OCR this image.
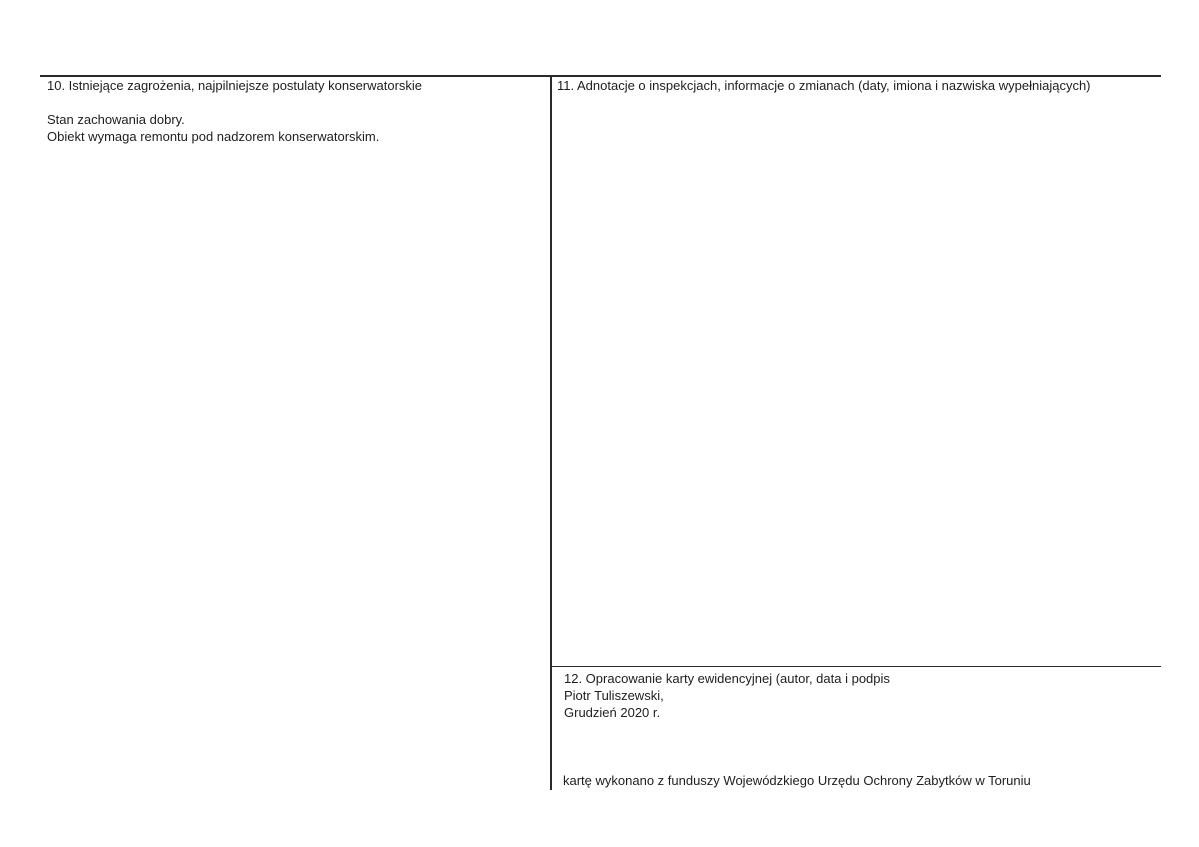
10. Istniejące zagrożenia, najpilniejsze postulaty konserwatorskie
Stan zachowania dobry.
Obiekt wymaga remontu pod nadzorem konserwatorskim.
11. Adnotacje o inspekcjach, informacje o zmianach (daty, imiona i nazwiska wypełniających)
12. Opracowanie karty ewidencyjnej (autor, data i podpis
Piotr Tuliszewski,
Grudzień 2020 r.
kartę wykonano z funduszy Wojewódzkiego Urzędu Ochrony Zabytków w Toruniu
